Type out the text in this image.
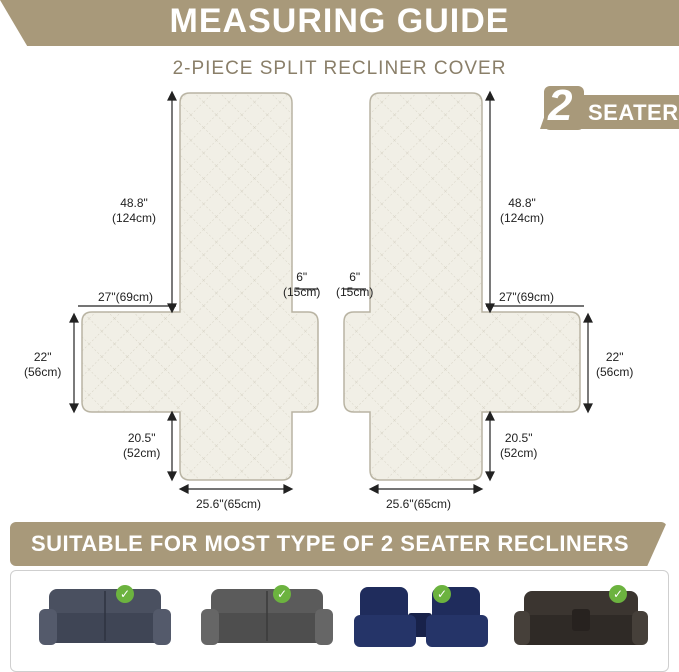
MEASURING GUIDE
2-PIECE SPLIT RECLINER COVER
2 SEATER
48.8"
(124cm)
27"(69cm)
6"
(15cm)
22"
(56cm)
20.5"
(52cm)
25.6"(65cm)
48.8"
(124cm)
27"(69cm)
6"
(15cm)
22"
(56cm)
20.5"
(52cm)
25.6"(65cm)
SUITABLE FOR MOST TYPE OF 2 SEATER RECLINERS
✓	✓	✓	✓
